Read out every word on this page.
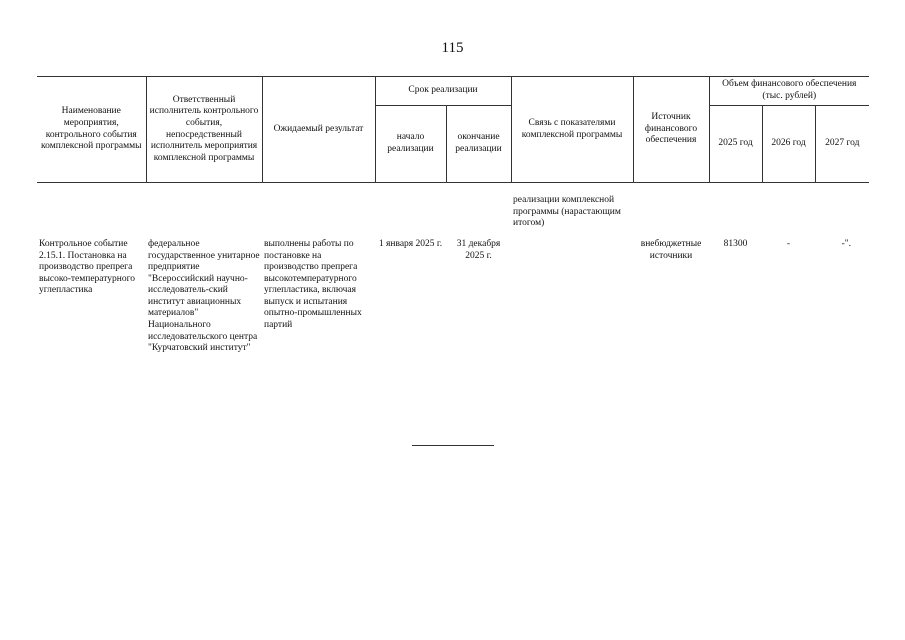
115
Наименование мероприятия, контрольного события комплексной программы	Ответственный исполнитель контрольного события, непосредственный исполнитель мероприятия комплексной программы	Ожидаемый результат	Срок реализации		Связь с показателями комплексной программы	Источник финансового обеспечения	Объем финансового обеспечения (тыс. рублей)		
			начало реализации	окончание реализации			2025 год	2026 год	2027 год

					реализации комплексной программы (нарастающим итогом)				
Контрольное событие 2.15.1. Постановка на производство препрега высоко-температурного углепластика	федеральное государственное унитарное предприятие "Всероссийский научно-исследователь-ский институт авиационных материалов" Национального исследовательского центра "Курчатовский институт"	выполнены работы по постановке на производство препрега высокотемпературного углепластика, включая выпуск и испытания опытно-промышленных партий	1 января 2025 г.	31 декабря 2025 г.		внебюджетные источники	81300	-	-".
